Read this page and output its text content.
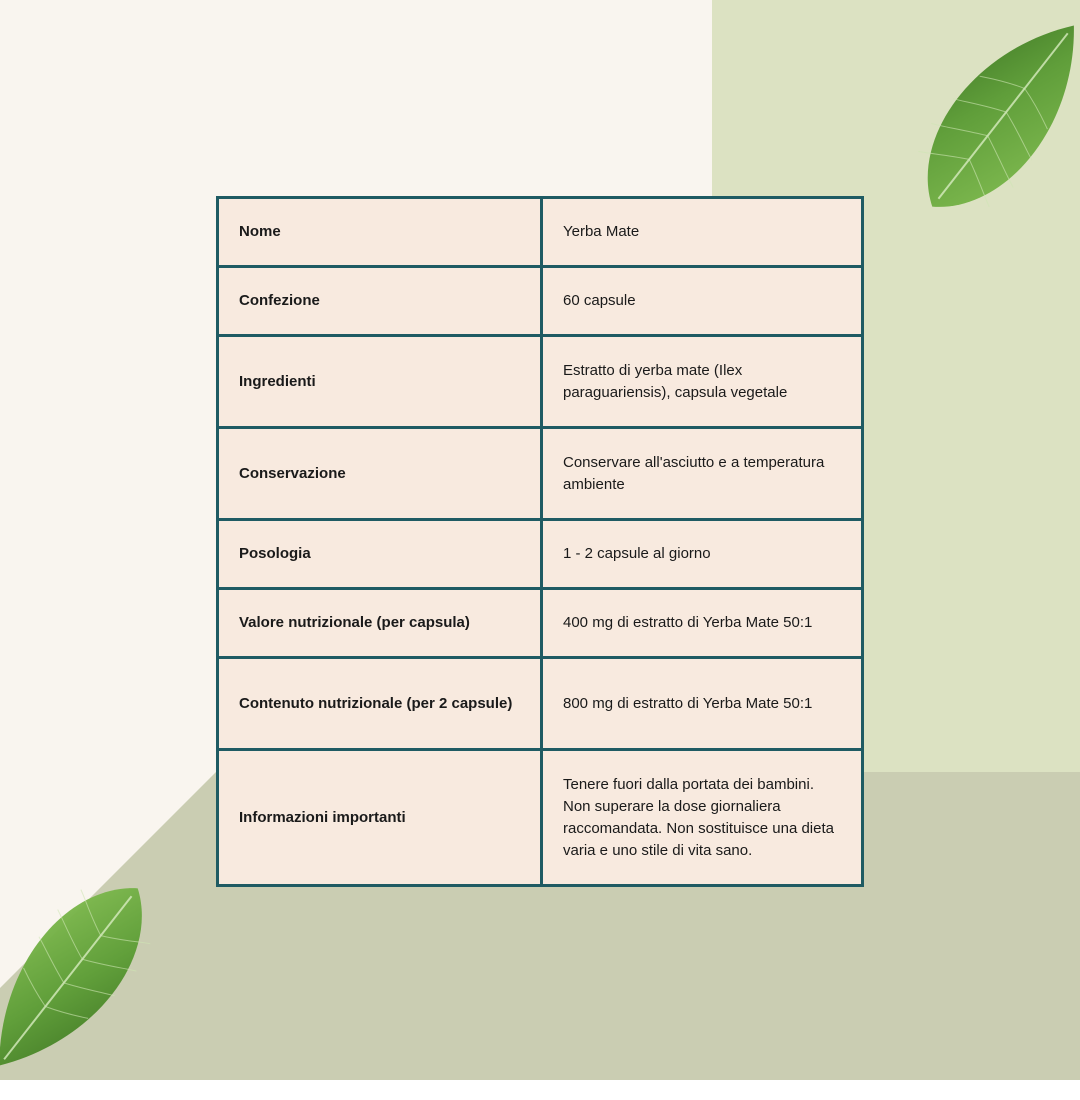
Nome	Yerba Mate
Confezione	60 capsule
Ingredienti	Estratto di yerba mate (Ilex paraguariensis), capsula vegetale
Conservazione	Conservare all'asciutto e a temperatura ambiente
Posologia	1 - 2 capsule al giorno
Valore nutrizionale (per capsula)	400 mg di estratto di Yerba Mate 50:1
Contenuto nutrizionale (per 2 capsule)	800 mg di estratto di Yerba Mate 50:1
Informazioni importanti	Tenere fuori dalla portata dei bambini. Non superare la dose giornaliera raccomandata. Non sostituisce una dieta varia e uno stile di vita sano.
